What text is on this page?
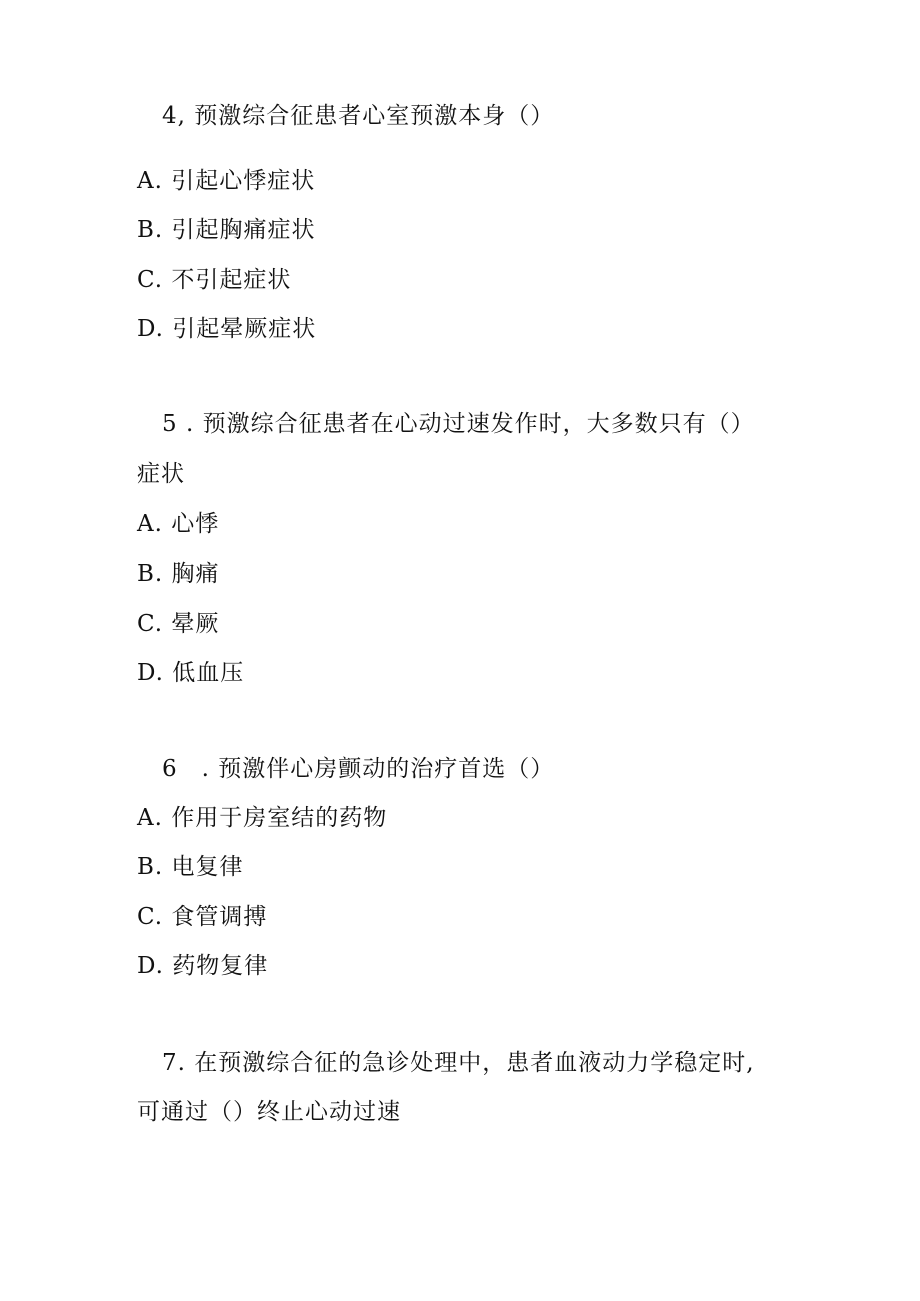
4, 预激综合征患者心室预激本身（）
A. 引起心悸症状
B. 引起胸痛症状
C. 不引起症状
D. 引起晕厥症状
5 . 预激综合征患者在心动过速发作时，大多数只有（）
症状
A. 心悸
B. 胸痛
C. 晕厥
D. 低血压
6　. 预激伴心房颤动的治疗首选（）
A. 作用于房室结的药物
B. 电复律
C. 食管调搏
D. 药物复律
7. 在预激综合征的急诊处理中，患者血液动力学稳定时,
可通过（）终止心动过速
